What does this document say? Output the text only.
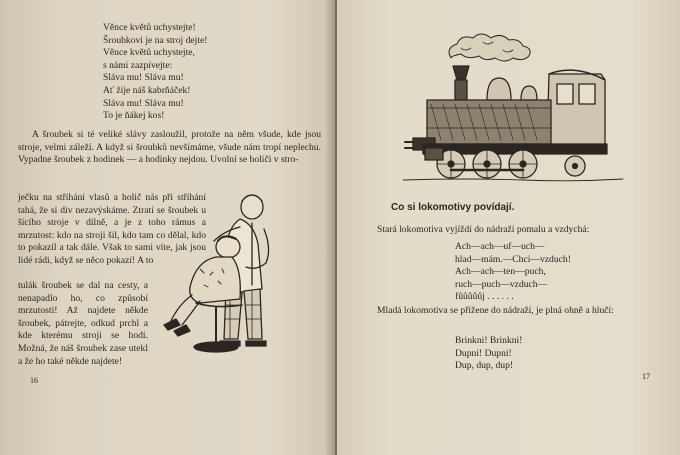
Věnce květů uchystejte!
Šroubkovi je na stroj dejte!
Věnce květů uchystejte,
s námi zazpívejte:
Sláva mu! Sláva mu!
Ať žije náš kabrňáček!
Sláva mu! Sláva mu!
To je ňákej kos!
A šroubek si té veliké slávy zasloužil, protože na něm všude, kde jsou stroje, velmi záleží. A když si šroubků nevšímáme, všude nám tropí neplechu. Vypadne šroubek z hodinek — a hodinky nejdou. Uvolní se holiči v stro-
ječku na stříhání vlasů a holič nás při stříhání tahá, že si div nezavýskáme. Ztratí se šroubek u šicího stroje v dílně, a je z toho rámus a mrzutost: kdo na stroji šil, kdo tam co dělal, kdo to pokazil a tak dále. Však to sami víte, jak jsou lidé rádi, když se něco pokazí! A to
tulák šroubek se dal na cesty, a nenapadlo ho, co způsobí mrzutosti! Až najdete někde šroubek, pátrejte, odkud prchl a kde kterému stroji se hodí. Možná, že náš šroubek zase utekl a že ho také někde najdete!
16
Co si lokomotivy povídají.
Stará lokomotiva vyjíždí do nádraží pomalu a vzdychá:
Ach—ach—uf—uch—
hlad—mám.—Chci—vzduch!
Ach—ach—ten—puch,
ruch—puch—vzduch—
fůůůůůj . . . . . .
Mladá lokomotiva se přižene do nádraží, je plná ohně a hlučí:
Brinkni! Brinkni!
Dupni! Dupni!
Dup, dup, dup!
17
